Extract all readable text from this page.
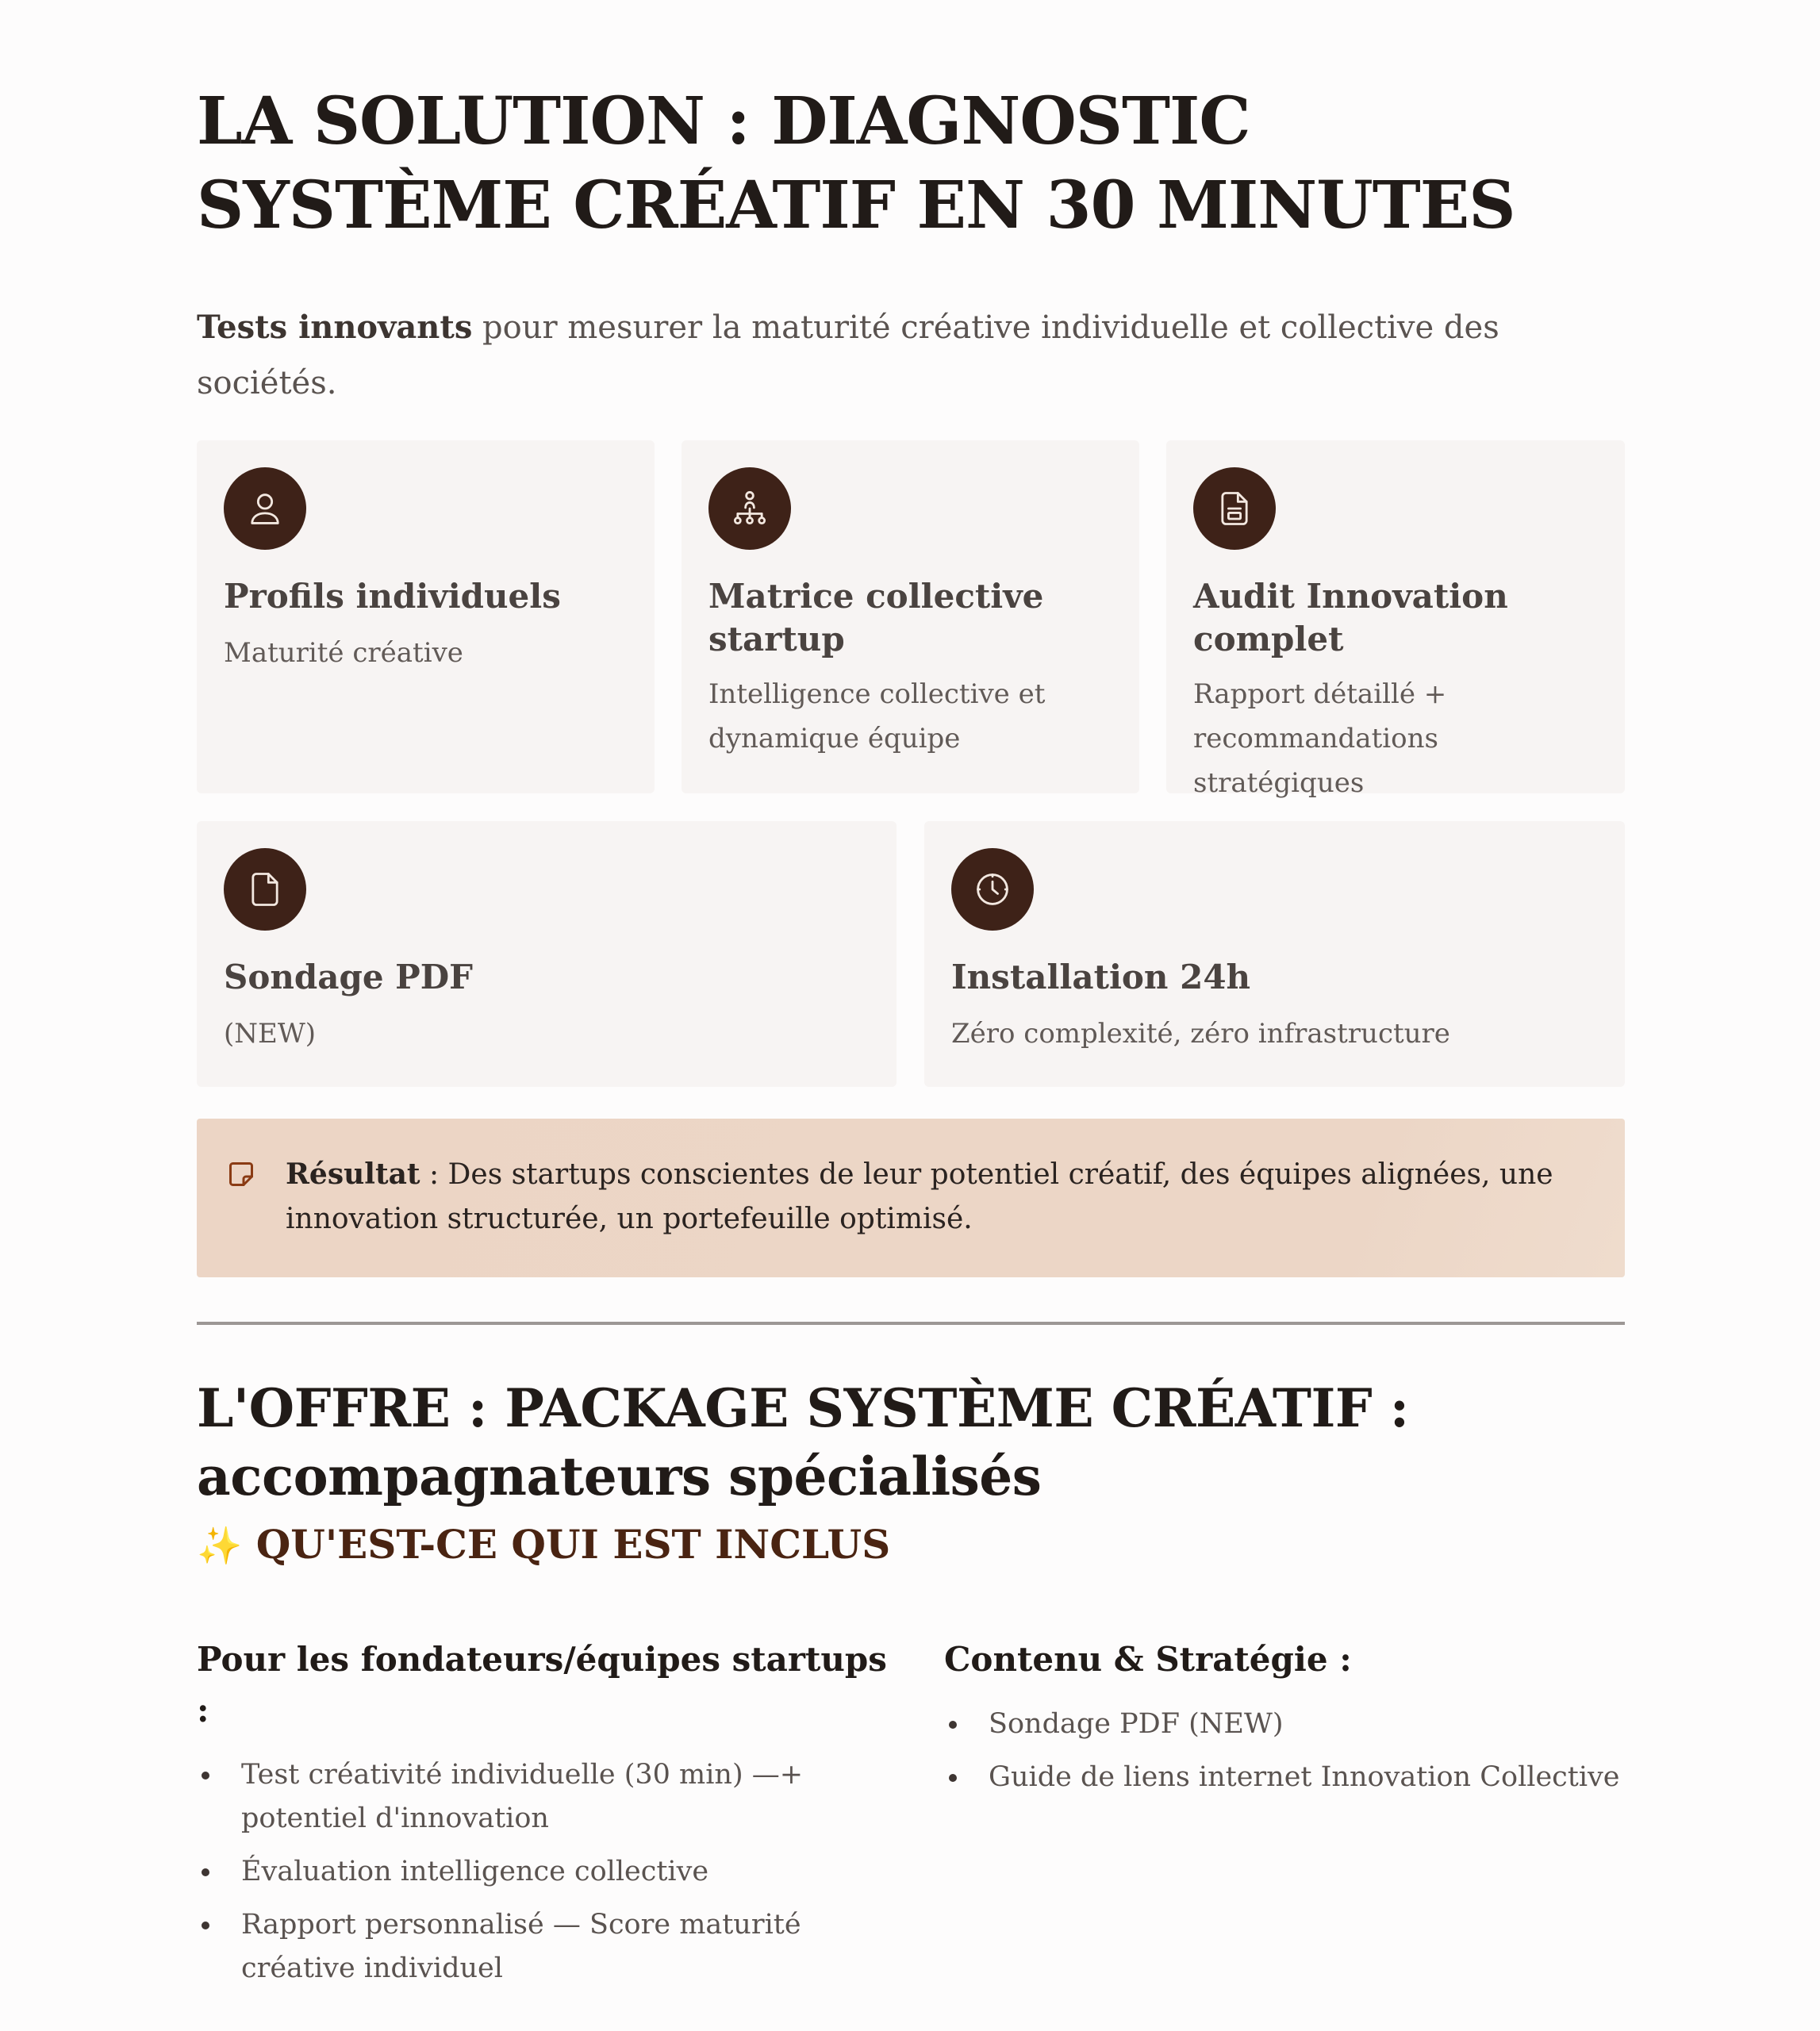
LA SOLUTION : DIAGNOSTIC SYSTÈME CRÉATIF EN 30 MINUTES

Tests innovants pour mesurer la maturité créative individuelle et collective des sociétés.

Profils individuels
Maturité créative
Matrice collective startup
Intelligence collective et dynamique équipe
Audit Innovation complet
Rapport détaillé + recommandations stratégiques
Sondage PDF
(NEW)
Installation 24h
Zéro complexité, zéro infrastructure
Résultat : Des startups conscientes de leur potentiel créatif, des équipes alignées, une innovation structurée, un portefeuille optimisé.
L'OFFRE : PACKAGE SYSTÈME CRÉATIF : accompagnateurs spécialisés
✨ QU'EST-CE QUI EST INCLUS
Pour les fondateurs/équipes startups :
Test créativité individuelle (30 min) —+ potentiel d'innovation
Évaluation intelligence collective
Rapport personnalisé — Score maturité créative individuel
Contenu & Stratégie :
Sondage PDF (NEW)
Guide de liens internet Innovation Collective
